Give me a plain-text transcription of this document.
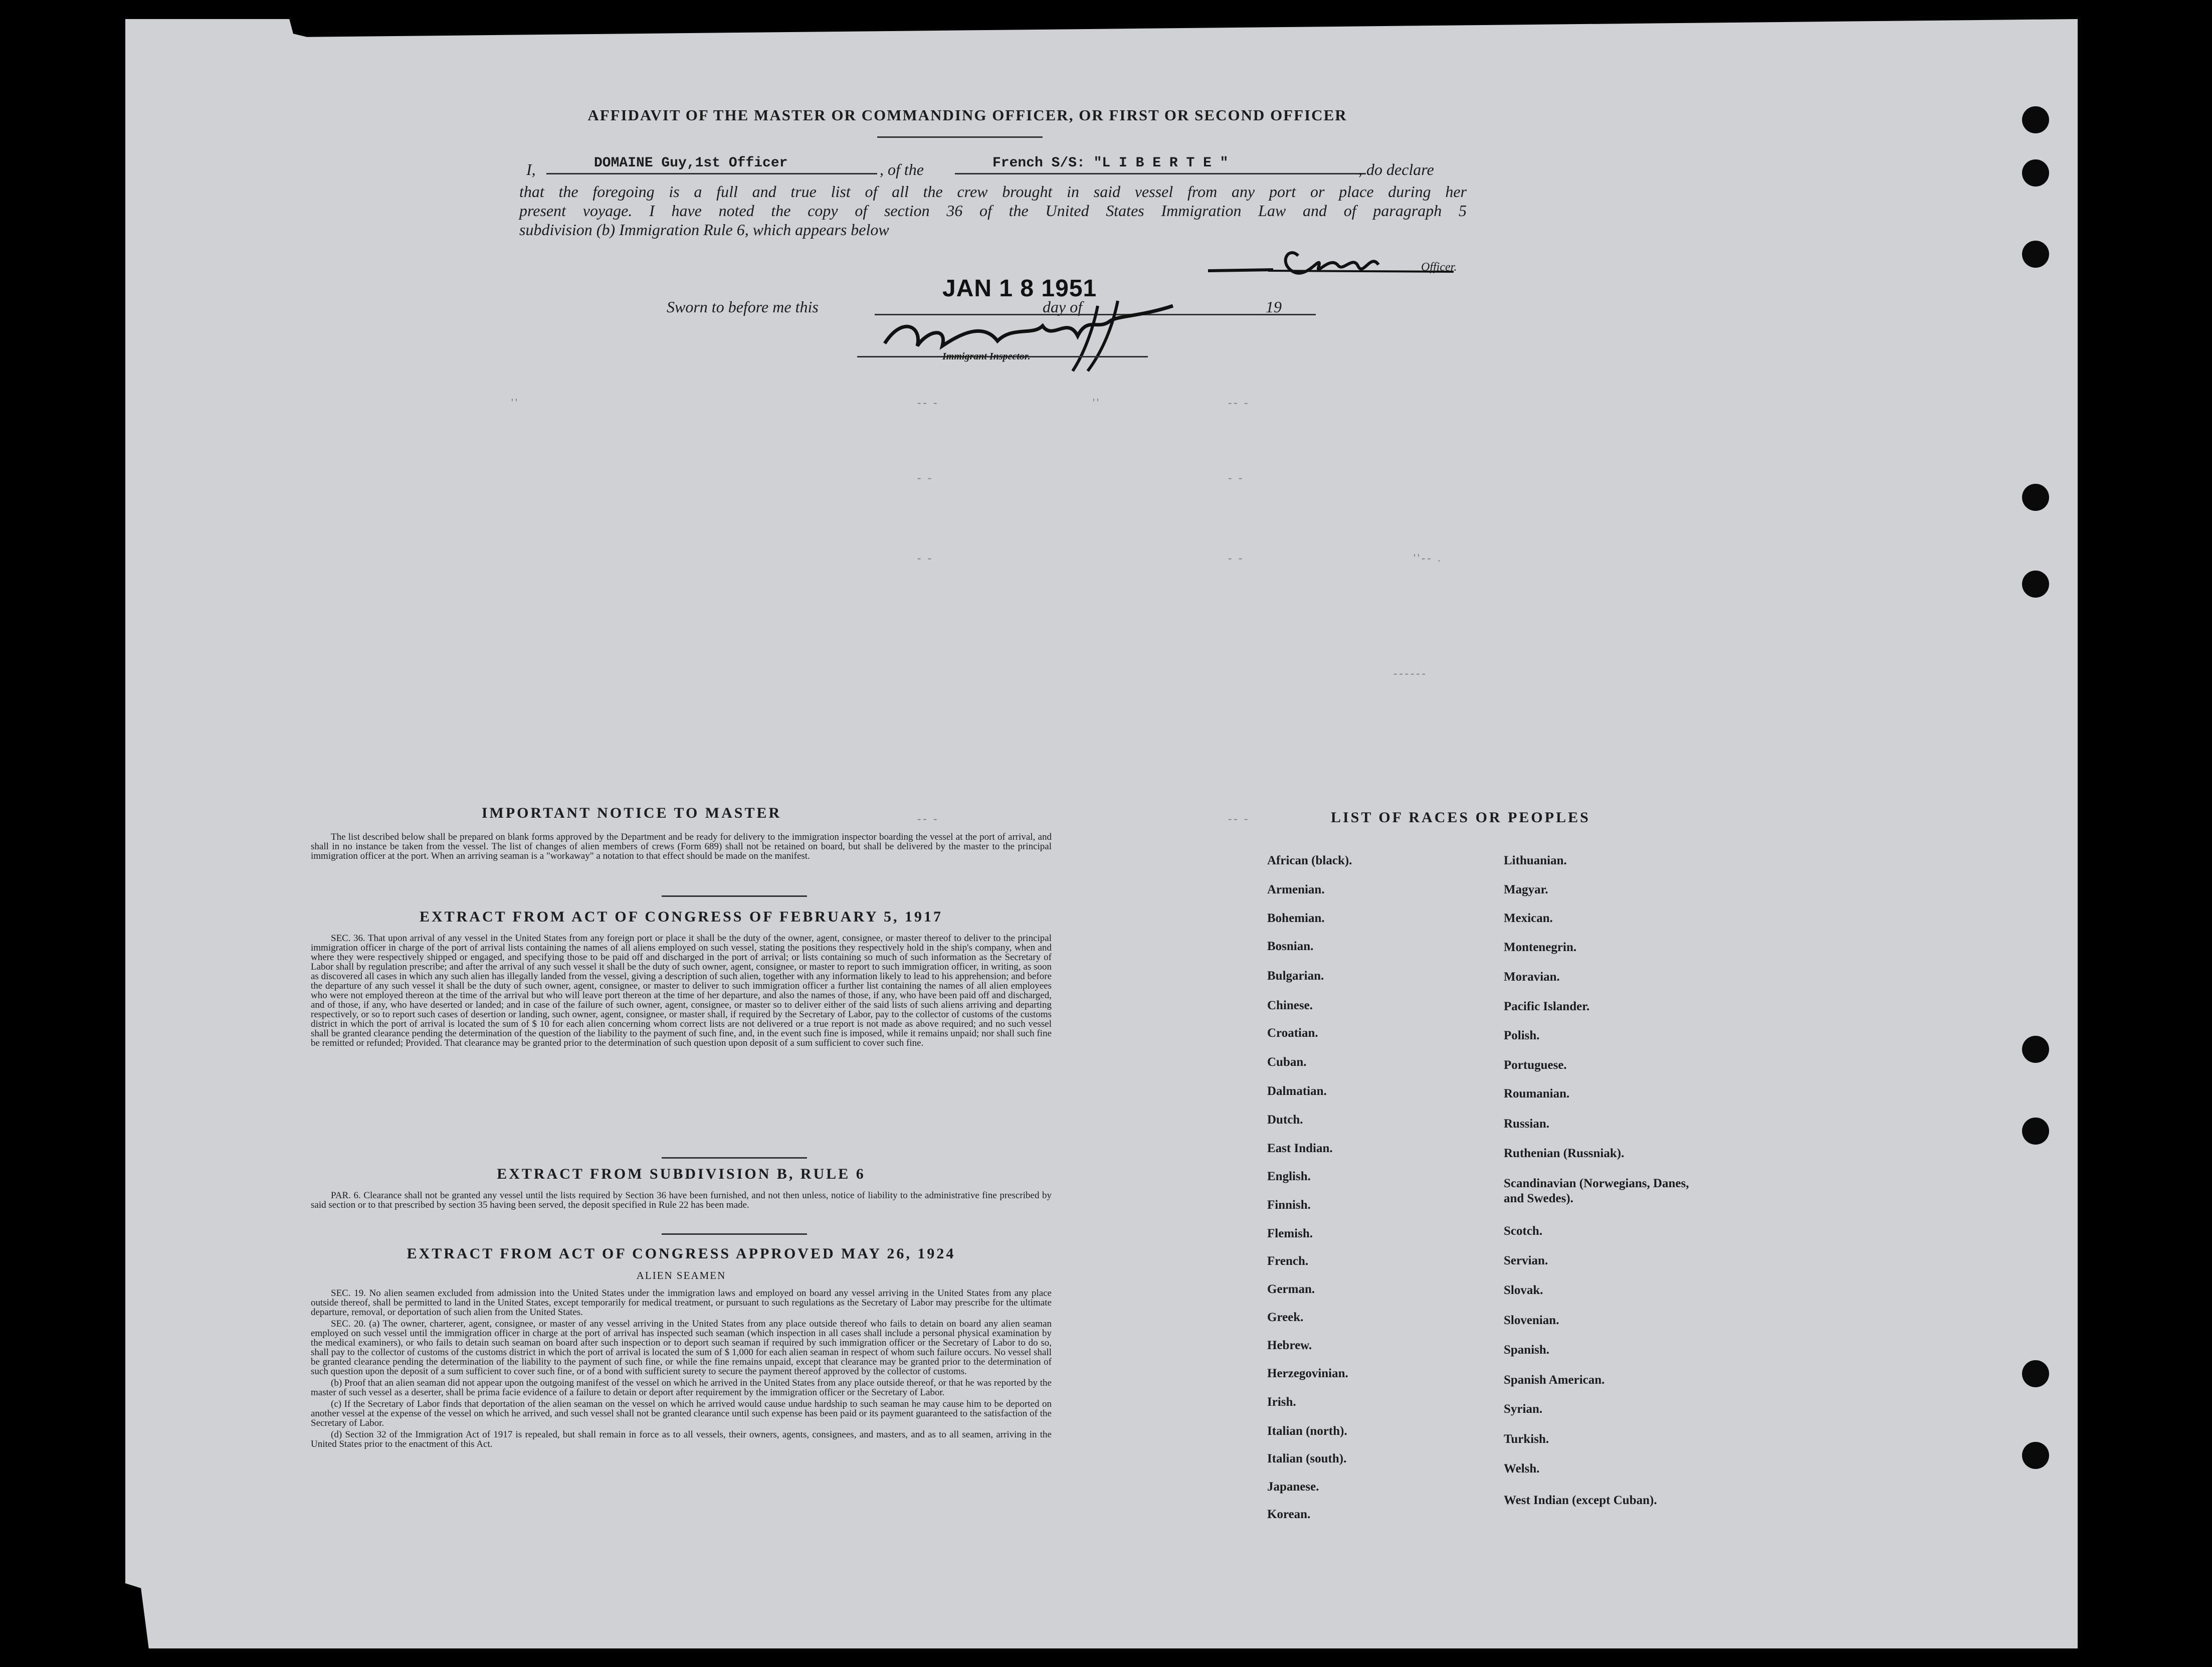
AFFIDAVIT OF THE MASTER OR COMMANDING OFFICER, OR FIRST OR SECOND OFFICER
I,	DOMAINE Guy,1st Officer	, of the	French S/S: "L I B E R T E "	, do declare
that the foregoing is a full and true list of all the crew brought in said vessel from any port or place during her
present voyage. I have noted the copy of section 36 of the United States Immigration Law and of paragraph 5
subdivision (b) Immigration Rule 6, which appears below
Officer.
Sworn to before me this
JAN 1 8 1951
day of	19
Immigrant Inspector.
''	-- -	''	-- -
- -	- -
- -	- -	''-- .
------
-- -	-- -
IMPORTANT NOTICE TO MASTER

The list described below shall be prepared on blank forms approved by the Department and be ready for delivery to the immigration inspector boarding the vessel at the port of arrival, and shall in no instance be taken from the vessel. The list of changes of alien members of crews (Form 689) shall not be retained on board, but shall be delivered by the master to the principal immigration officer at the port. When an arriving seaman is a "workaway" a notation to that effect should be made on the manifest.

EXTRACT FROM ACT OF CONGRESS OF FEBRUARY 5, 1917

SEC. 36. That upon arrival of any vessel in the United States from any foreign port or place it shall be the duty of the owner, agent, consignee, or master thereof to deliver to the principal immigration officer in charge of the port of arrival lists containing the names of all aliens employed on such vessel, stating the positions they respectively hold in the ship's company, when and where they were respectively shipped or engaged, and specifying those to be paid off and discharged in the port of arrival; or lists containing so much of such information as the Secretary of Labor shall by regulation prescribe; and after the arrival of any such vessel it shall be the duty of such owner, agent, consignee, or master to report to such immigration officer, in writing, as soon as discovered all cases in which any such alien has illegally landed from the vessel, giving a description of such alien, together with any information likely to lead to his apprehension; and before the departure of any such vessel it shall be the duty of such owner, agent, consignee, or master to deliver to such immigration officer a further list containing the names of all alien employees who were not employed thereon at the time of the arrival but who will leave port thereon at the time of her departure, and also the names of those, if any, who have been paid off and discharged, and of those, if any, who have deserted or landed; and in case of the failure of such owner, agent, consignee, or master so to deliver either of the said lists of such aliens arriving and departing respectively, or so to report such cases of desertion or landing, such owner, agent, consignee, or master shall, if required by the Secretary of Labor, pay to the collector of customs of the customs district in which the port of arrival is located the sum of $ 10 for each alien concerning whom correct lists are not delivered or a true report is not made as above required; and no such vessel shall be granted clearance pending the determination of the question of the liability to the payment of such fine, and, in the event such fine is imposed, while it remains unpaid; nor shall such fine be remitted or refunded; Provided. That clearance may be granted prior to the determination of such question upon deposit of a sum sufficient to cover such fine.

EXTRACT FROM SUBDIVISION B, RULE 6

PAR. 6. Clearance shall not be granted any vessel until the lists required by Section 36 have been furnished, and not then unless, notice of liability to the administrative fine prescribed by said section or to that prescribed by section 35 having been served, the deposit specified in Rule 22 has been made.

EXTRACT FROM ACT OF CONGRESS APPROVED MAY 26, 1924
ALIEN SEAMEN

SEC. 19. No alien seamen excluded from admission into the United States under the immigration laws and employed on board any vessel arriving in the United States from any place outside thereof, shall be permitted to land in the United States, except temporarily for medical treatment, or pursuant to such regulations as the Secretary of Labor may prescribe for the ultimate departure, removal, or deportation of such alien from the United States.

SEC. 20. (a) The owner, charterer, agent, consignee, or master of any vessel arriving in the United States from any place outside thereof who fails to detain on board any alien seaman employed on such vessel until the immigration officer in charge at the port of arrival has inspected such seaman (which inspection in all cases shall include a personal physical examination by the medical examiners), or who fails to detain such seaman on board after such inspection or to deport such seaman if required by such immigration officer or the Secretary of Labor to do so, shall pay to the collector of customs of the customs district in which the port of arrival is located the sum of $ 1,000 for each alien seaman in respect of whom such failure occurs. No vessel shall be granted clearance pending the determination of the liability to the payment of such fine, or while the fine remains unpaid, except that clearance may be granted prior to the determination of such question upon the deposit of a sum sufficient to cover such fine, or of a bond with sufficient surety to secure the payment thereof approved by the collector of customs.

(b) Proof that an alien seaman did not appear upon the outgoing manifest of the vessel on which he arrived in the United States from any place outside thereof, or that he was reported by the master of such vessel as a deserter, shall be prima facie evidence of a failure to detain or deport after requirement by the immigration officer or the Secretary of Labor.

(c) If the Secretary of Labor finds that deportation of the alien seaman on the vessel on which he arrived would cause undue hardship to such seaman he may cause him to be deported on another vessel at the expense of the vessel on which he arrived, and such vessel shall not be granted clearance until such expense has been paid or its payment guaranteed to the satisfaction of the Secretary of Labor.

(d) Section 32 of the Immigration Act of 1917 is repealed, but shall remain in force as to all vessels, their owners, agents, consignees, and masters, and as to all seamen, arriving in the United States prior to the enactment of this Act.

LIST OF RACES OR PEOPLES
African (black).
Armenian.
Bohemian.
Bosnian.
Bulgarian.
Chinese.
Croatian.
Cuban.
Dalmatian.
Dutch.
East Indian.
English.
Finnish.
Flemish.
French.
German.
Greek.
Hebrew.
Herzegovinian.
Irish.
Italian (north).
Italian (south).
Japanese.
Korean.
Lithuanian.
Magyar.
Mexican.
Montenegrin.
Moravian.
Pacific Islander.
Polish.
Portuguese.
Roumanian.
Russian.
Ruthenian (Russniak).
Scandinavian (Norwegians, Danes, and Swedes).
Scotch.
Servian.
Slovak.
Slovenian.
Spanish.
Spanish American.
Syrian.
Turkish.
Welsh.
West Indian (except Cuban).
